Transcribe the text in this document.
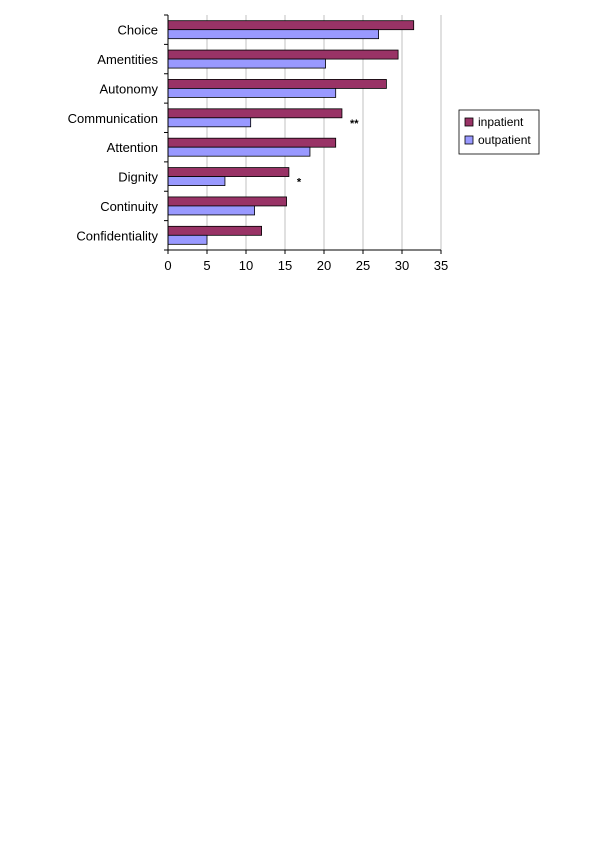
Choice
Amentities
Autonomy
Communication
Attention
Dignity
Continuity
Confidentiality
0 5 10 15 20 25 30 35
**
*
inpatient
outpatient
